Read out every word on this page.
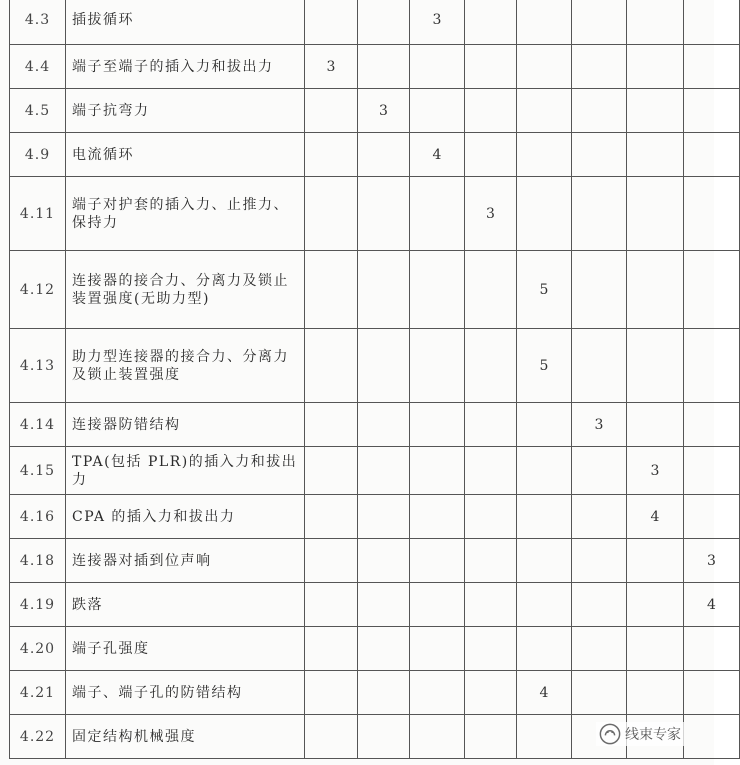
4.3	插拔循环			3					
4.4	端子至端子的插入力和拔出力	3							
4.5	端子抗弯力		3						
4.9	电流循环			4					
4.11	端子对护套的插入力、止推力、保持力				3				
4.12	连接器的接合力、分离力及锁止装置强度(无助力型)					5			
4.13	助力型连接器的接合力、分离力及锁止装置强度					5			
4.14	连接器防错结构						3		
4.15	TPA(包括 PLR)的插入力和拔出力							3	
4.16	CPA 的插入力和拔出力							4	
4.18	连接器对插到位声响								3
4.19	跌落								4
4.20	端子孔强度								
4.21	端子、端子孔的防错结构					4			
4.22	固定结构机械强度									线束专家
